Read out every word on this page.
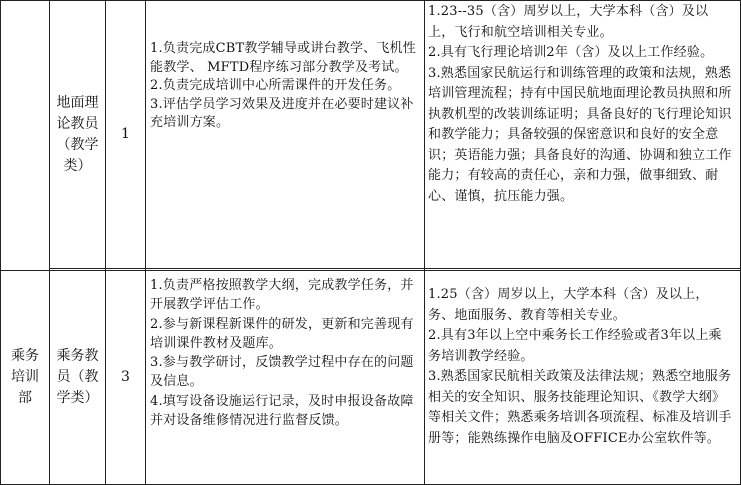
地面理论教员（教学类）
1
1.负责完成CBT教学辅导或讲台教学、飞机性能教学、 MFTD程序练习部分教学及考试。
2.负责完成培训中心所需课件的开发任务。
3.评估学员学习效果及进度并在必要时建议补充培训方案。
1.23--35（含）周岁以上，大学本科（含）及以上，飞行和航空培训相关专业。
2.具有飞行理论培训2年（含）及以上工作经验。
3.熟悉国家民航运行和训练管理的政策和法规，熟悉培训管理流程；持有中国民航地面理论教员执照和所执教机型的改装训练证明；具备良好的飞行理论知识和教学能力；具备较强的保密意识和良好的安全意识；英语能力强；具备良好的沟通、协调和独立工作能力；有较高的责任心，亲和力强，做事细致、耐心、谨慎，抗压能力强。
乘务培训部
乘务教员（教学类）
3
1.负责严格按照教学大纲，完成教学任务，并开展教学评估工作。
2.参与新课程新课件的研发，更新和完善现有培训课件教材及题库。
3.参与教学研讨，反馈教学过程中存在的问题及信息。
4.填写设备设施运行记录，及时申报设备故障并对设备维修情况进行监督反馈。
1.25（含）周岁以上，大学本科（含）及以上，务、地面服务、教育等相关专业。
2.具有3年以上空中乘务长工作经验或者3年以上乘务培训教学经验。
3.熟悉国家民航相关政策及法律法规；熟悉空地服务相关的安全知识、服务技能理论知识、《教学大纲》等相关文件；熟悉乘务培训各项流程、标准及培训手册等；能熟练操作电脑及OFFICE办公室软件等。
